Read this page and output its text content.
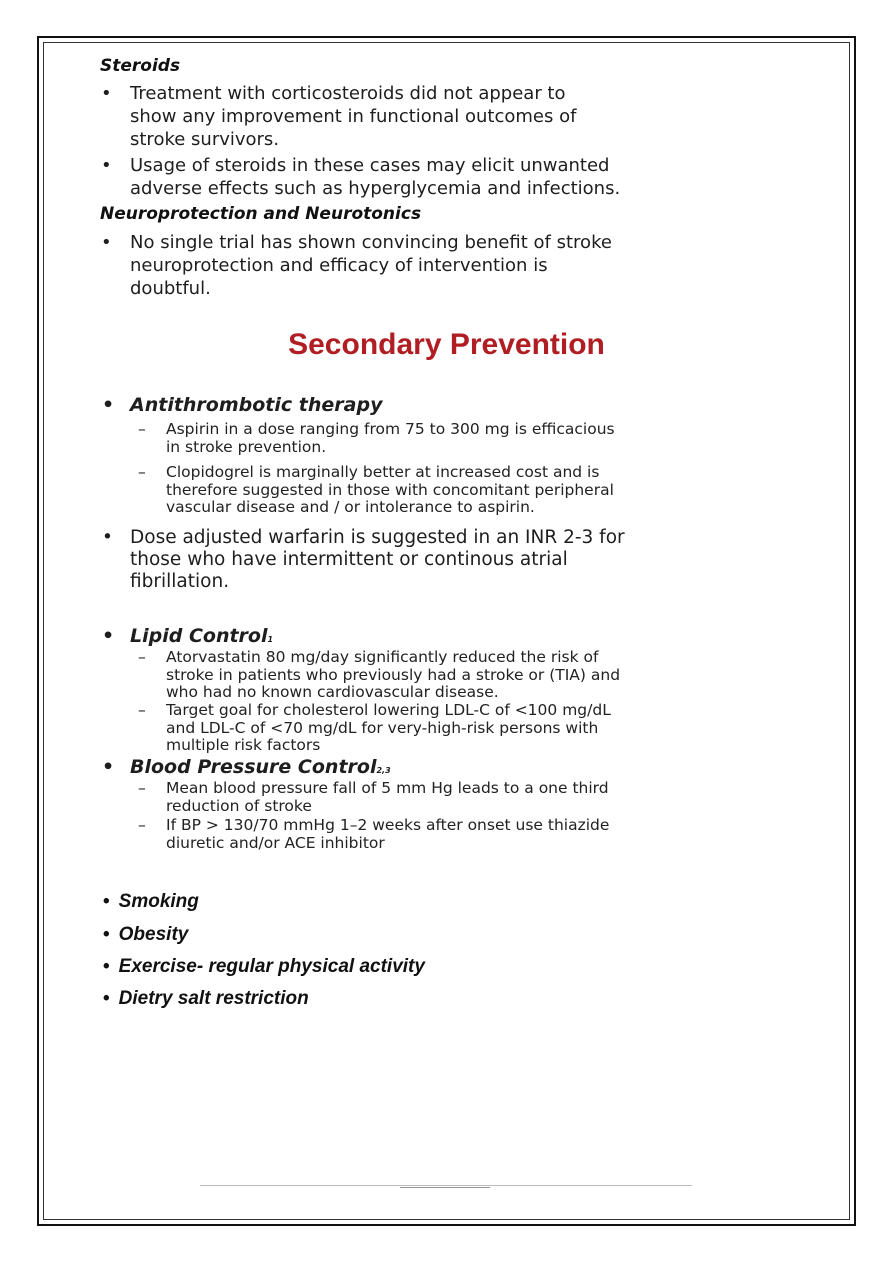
Steroids
• Treatment with corticosteroids did not appear to
show any improvement in functional outcomes of
stroke survivors.
• Usage of steroids in these cases may elicit unwanted
adverse effects such as hyperglycemia and infections.
Neuroprotection and Neurotonics
• No single trial has shown convincing benefit of stroke
neuroprotection and efficacy of intervention is
doubtful.
Secondary Prevention
• Antithrombotic therapy
– Aspirin in a dose ranging from 75 to 300 mg is efficacious
in stroke prevention.
– Clopidogrel is marginally better at increased cost and is
therefore suggested in those with concomitant peripheral
vascular disease and / or intolerance to aspirin.
• Dose adjusted warfarin is suggested in an INR 2-3 for
those who have intermittent or continous atrial
fibrillation.
• Lipid Control1
– Atorvastatin 80 mg/day significantly reduced the risk of
stroke in patients who previously had a stroke or (TIA) and
who had no known cardiovascular disease.
– Target goal for cholesterol lowering LDL-C of <100 mg/dL
and LDL-C of <70 mg/dL for very-high-risk persons with
multiple risk factors
• Blood Pressure Control2,3
– Mean blood pressure fall of 5 mm Hg leads to a one third
reduction of stroke
– If BP > 130/70 mmHg 1–2 weeks after onset use thiazide
diuretic and/or ACE inhibitor
• Smoking
• Obesity
• Exercise- regular physical activity
• Dietry salt restriction
